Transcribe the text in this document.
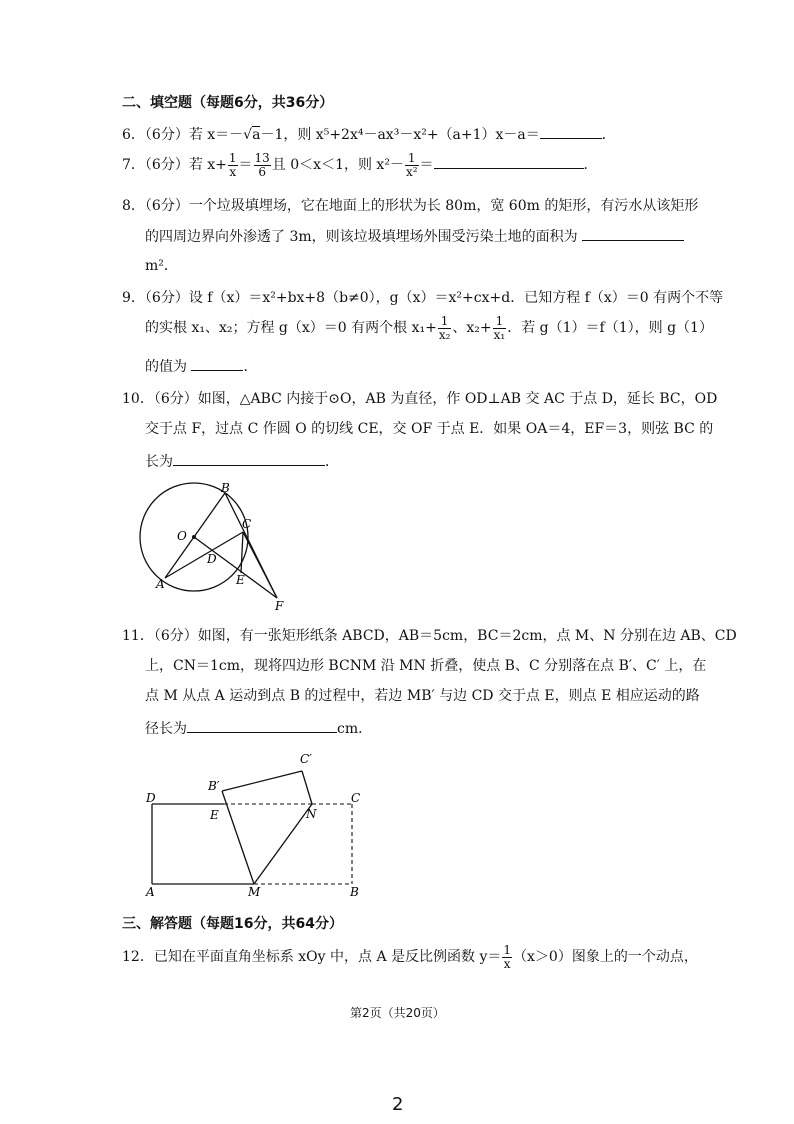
二、填空题（每题6分，共36分）
6．（6分）若 x＝－√a－1，则 x⁵+2x⁴－ax³－x²+（a+1）x－a＝	．
7．（6分）若 $x+ \frac{1}{x} = \frac{13}{6}$ 且 0＜x＜1，则 $x^2- \frac{1}{\text{x²}}$ ＝	．
8．（6分）一个垃圾填埋场，它在地面上的形状为长 80m，宽 60m 的矩形，有污水从该矩形
的四周边界向外渗透了 3m，则该垃圾填埋场外围受污染土地的面积为
m²．
9．（6分）设 f（x）＝x²+bx+8（b≠0），g（x）＝x²+cx+d．已知方程 f（x）＝0 有两个不等
的实根 x₁、x₂；方程 g（x）＝0 有两个根 $x_1+ \frac{1}{\text{x₂}}$ 、$x_2+ \frac{1}{\text{x₁}}$ ．若 g（1）＝f（1），则 g（1）
的值为	．
10．（6分）如图，△ABC 内接于⊙O，AB 为直径，作 OD⊥AB 交 AC 于点 D，延长 BC，OD
交于点 F，过点 C 作圆 O 的切线 CE，交 OF 于点 E．如果 OA＝4，EF＝3，则弦 BC 的
长为	．
B
C
O
D
A	E
F
11．（6分）如图，有一张矩形纸条 ABCD，AB＝5cm，BC＝2cm，点 M、N 分别在边 AB、CD
上，CN＝1cm，现将四边形 BCNM 沿 MN 折叠，使点 B、C 分别落在点 B′、C′ 上，在
点 M 从点 A 运动到点 B 的过程中，若边 MB′ 与边 CD 交于点 E，则点 E 相应运动的路
径长为	cm．
C′
B′
D	C
E	N
A	M	B
三、解答题（每题16分，共64分）
12．已知在平面直角坐标系 xOy 中，点 A 是反比例函数 $y= \frac{1}{x} (x>0)$图象上的一个动点，
第2页（共20页）
2
